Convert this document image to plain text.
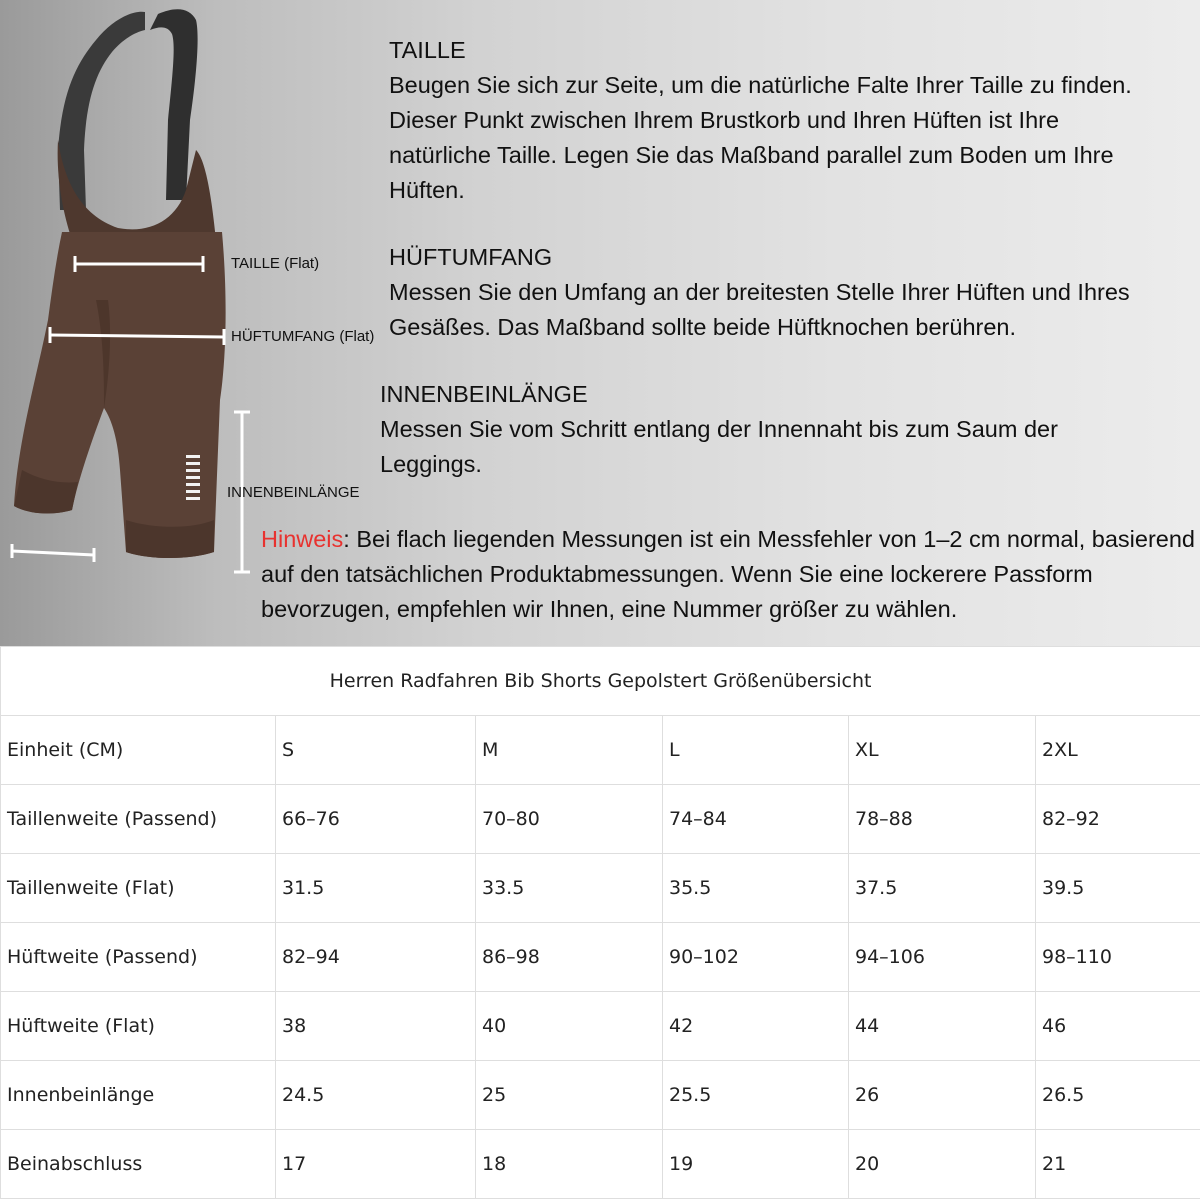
TAILLE (Flat)
HÜFTUMFANG (Flat)
INNENBEINLÄNGE
TAILLE
Beugen Sie sich zur Seite, um die natürliche Falte Ihrer Taille zu finden.
Dieser Punkt zwischen Ihrem Brustkorb und Ihren Hüften ist Ihre
natürliche Taille. Legen Sie das Maßband parallel zum Boden um Ihre
Hüften.
HÜFTUMFANG
Messen Sie den Umfang an der breitesten Stelle Ihrer Hüften und Ihres
Gesäßes. Das Maßband sollte beide Hüftknochen berühren.
INNENBEINLÄNGE
Messen Sie vom Schritt entlang der Innennaht bis zum Saum der
Leggings.
Hinweis: Bei flach liegenden Messungen ist ein Messfehler von 1–2 cm normal, basierend auf den tatsächlichen Produktabmessungen. Wenn Sie eine lockerere Passform bevorzugen, empfehlen wir Ihnen, eine Nummer größer zu wählen.
Herren Radfahren Bib Shorts Gepolstert Größenübersicht					
Einheit (CM)	S	M	L	XL	2XL
Taillenweite (Passend)	66–76	70–80	74–84	78–88	82–92
Taillenweite (Flat)	31.5	33.5	35.5	37.5	39.5
Hüftweite (Passend)	82–94	86–98	90–102	94–106	98–110
Hüftweite (Flat)	38	40	42	44	46
Innenbeinlänge	24.5	25	25.5	26	26.5
Beinabschluss	17	18	19	20	21
